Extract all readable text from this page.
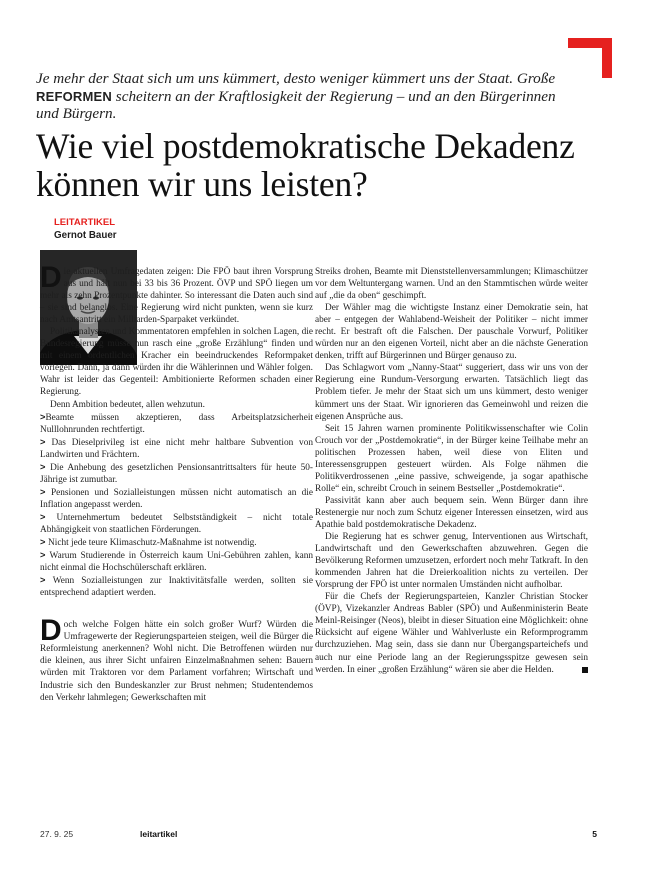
Je mehr der Staat sich um uns kümmert, desto weniger kümmert uns der Staat. Große REFORMEN scheitern an der Kraftlosigkeit der Regierung – und an den Bürgerinnen und Bürgern.
Wie viel postdemokratische Dekadenz können wir uns leisten?
LEITARTIKEL
Gernot Bauer

Die aktuellen Umfragedaten zeigen: Die FPÖ baut ihren Vorsprung aus und hält nun bei 33 bis 36 Prozent. ÖVP und SPÖ liegen um mehr als zehn Prozentpunkte dahinter. So interessant die Daten auch sind – sie sind belanglos. Eine Regierung wird nicht punkten, wenn sie kurz nach Amtsantritt ein Milliarden-Sparpaket verkündet.

Politikanalysten und Kommentatoren empfehlen in solchen Lagen, die Bundesregierung müsse nun rasch eine „große Erzählung“ finden und mit einem ordentlichen Kracher ein beeindruckendes Reformpaket vorlegen. Dann, ja dann würden ihr die Wählerinnen und Wähler folgen. Wahr ist leider das Gegenteil: Ambitionierte Reformen schaden einer Regierung.

Denn Ambition bedeutet, allen wehzutun.

>Beamte müssen akzeptieren, dass Arbeitsplatzsicherheit Nulllohnrunden rechtfertigt.

> Das Dieselprivileg ist eine nicht mehr haltbare Subvention von Landwirten und Frächtern.

> Die Anhebung des gesetzlichen Pensionsantrittsalters für heute 50-Jährige ist zumutbar.

> Pensionen und Sozialleistungen müssen nicht automatisch an die Inflation angepasst werden.

> Unternehmertum bedeutet Selbstständigkeit – nicht totale Abhängigkeit von staatlichen Förderungen.

> Nicht jede teure Klimaschutz-Maßnahme ist notwendig.

> Warum Studierende in Österreich kaum Uni-Gebühren zahlen, kann nicht einmal die Hochschülerschaft erklären.

> Wenn Sozialleistungen zur Inaktivitätsfalle werden, sollten sie entsprechend adaptiert werden.

Doch welche Folgen hätte ein solch großer Wurf? Würden die Umfragewerte der Regierungsparteien steigen, weil die Bürger die Reformleistung anerkennen? Wohl nicht. Die Betroffenen würden nur die kleinen, aus ihrer Sicht unfairen Einzelmaßnahmen sehen: Bauern würden mit Traktoren vor dem Parlament vorfahren; Wirtschaft und Industrie sich den Bundeskanzler zur Brust nehmen; Studentendemos den Verkehr lahmlegen; Gewerkschaften mit

Streiks drohen, Beamte mit Dienststellenversammlungen; Klimaschützer vor dem Weltuntergang warnen. Und an den Stammtischen würde weiter auf „die da oben“ geschimpft.

Der Wähler mag die wichtigste Instanz einer Demokratie sein, hat aber – entgegen der Wahlabend-Weisheit der Politiker – nicht immer recht. Er bestraft oft die Falschen. Der pauschale Vorwurf, Politiker würden nur an den eigenen Vorteil, nicht aber an die nächste Generation denken, trifft auf Bürgerinnen und Bürger genauso zu.

Das Schlagwort vom „Nanny-Staat“ suggeriert, dass wir uns von der Regierung eine Rundum-Versorgung erwarten. Tatsächlich liegt das Problem tiefer. Je mehr der Staat sich um uns kümmert, desto weniger kümmert uns der Staat. Wir ignorieren das Gemeinwohl und reizen die eigenen Ansprüche aus.

Seit 15 Jahren warnen prominente Politikwissenschafter wie Colin Crouch vor der „Postdemokratie“, in der Bürger keine Teilhabe mehr an politischen Prozessen haben, weil diese von Eliten und Interessensgruppen gesteuert würden. Als Folge nähmen die Politikverdrossenen „eine passive, schweigende, ja sogar apathische Rolle“ ein, schreibt Crouch in seinem Bestseller „Postdemokratie“.

Passivität kann aber auch bequem sein. Wenn Bürger dann ihre Restenergie nur noch zum Schutz eigener Interessen einsetzen, wird aus Apathie bald postdemokratische Dekadenz.

Die Regierung hat es schwer genug, Interventionen aus Wirtschaft, Landwirtschaft und den Gewerkschaften abzuwehren. Gegen die Bevölkerung Reformen umzusetzen, erfordert noch mehr Tatkraft. In den kommenden Jahren hat die Dreierkoalition nichts zu verteilen. Der Vorsprung der FPÖ ist unter normalen Umständen nicht aufholbar.

Für die Chefs der Regierungsparteien, Kanzler Christian Stocker (ÖVP), Vizekanzler Andreas Babler (SPÖ) und Außenministerin Beate Meinl-Reisinger (Neos), bleibt in dieser Situation eine Möglichkeit: ohne Rücksicht auf eigene Wähler und Wahlverluste ein Reformprogramm durchzuziehen. Mag sein, dass sie dann nur Übergangsparteichefs und auch nur eine Periode lang an der Regierungsspitze gewesen sein werden. In einer „großen Erzählung“ wären sie aber die Helden.

27. 9. 25	leitartikel	5
